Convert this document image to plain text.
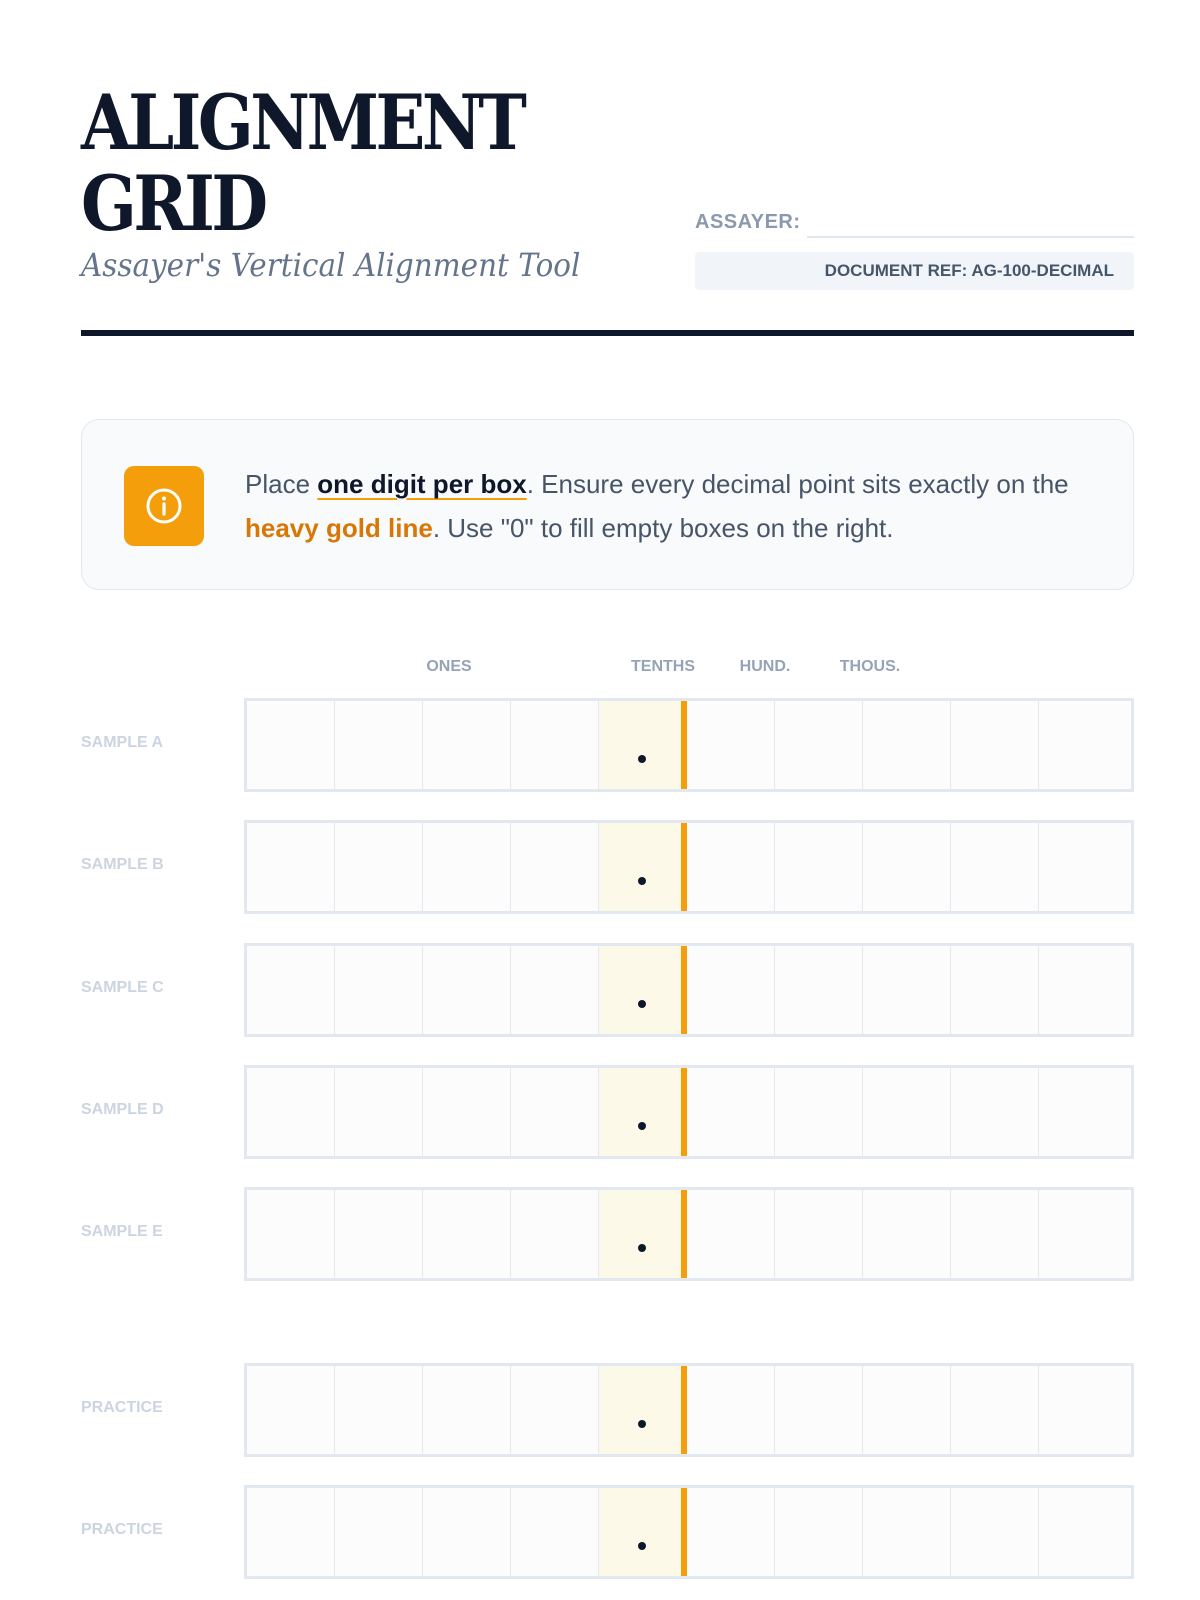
ALIGNMENT
GRID
Assayer's Vertical Alignment Tool
ASSAYER:
DOCUMENT REF: AG-100-DECIMAL
Place one digit per box. Ensure every decimal point sits exactly on the heavy gold line. Use "0" to fill empty boxes on the right.
ONES	TENTHS	HUND.	THOUS.
SAMPLE A
SAMPLE B
SAMPLE C
SAMPLE D
SAMPLE E
PRACTICE
PRACTICE
